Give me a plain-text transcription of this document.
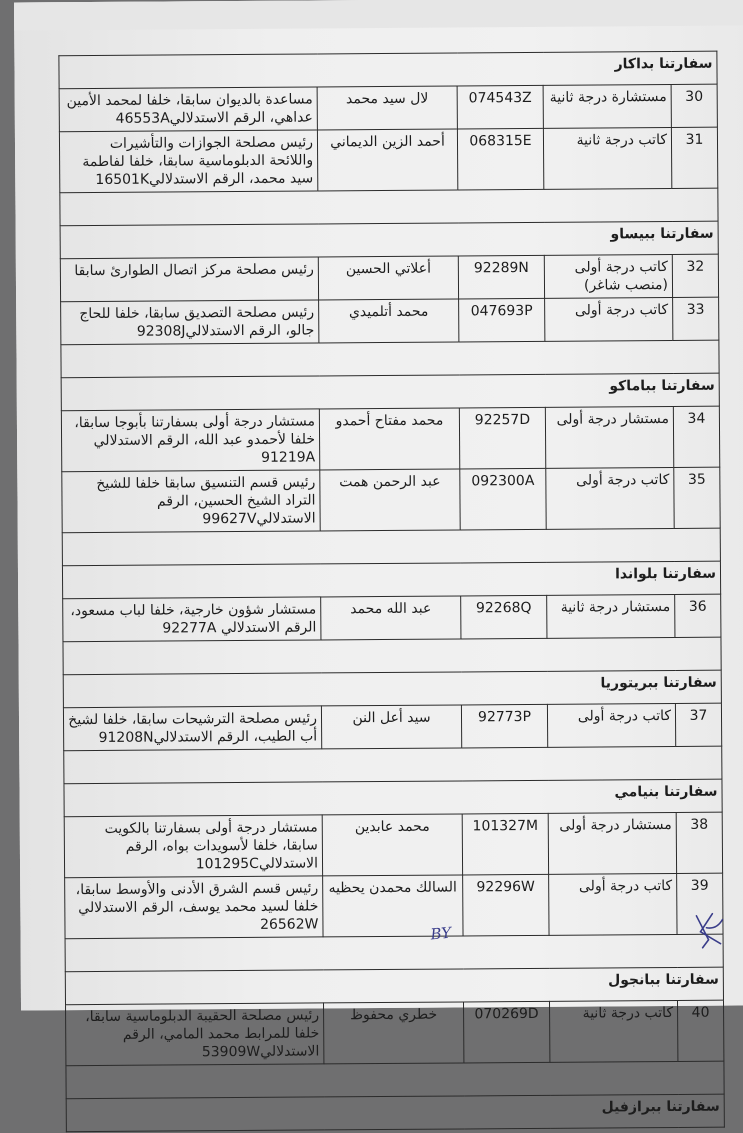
سفارتنا بداكار				
30	مستشارة درجة ثانية	074543Z	لال سيد محمد	مساعدة بالديوان سابقا، خلفا لمحمد الأمين عداهي، الرقم الاستدلالي46553A
31	كاتب درجة ثانية	068315E	أحمد الزين الديماني	رئيس مصلحة الجوازات والتأشيرات واللائحة الدبلوماسية سابقا، خلفا لفاطمة سيد محمد، الرقم الاستدلالي16501K

سفارتنا ببيساو				
32	كاتب درجة أولى (منصب شاغر)	92289N	أعلاتي الحسين	رئيس مصلحة مركز اتصال الطوارئ سابقا
33	كاتب درجة أولى	047693P	محمد أتلميدي	رئيس مصلحة التصديق سابقا، خلفا للحاج جالو، الرقم الاستدلالي92308J

سفارتنا بباماكو				
34	مستشار درجة أولى	92257D	محمد مفتاح أحمدو	مستشار درجة أولى بسفارتنا بأبوجا سابقا، خلفا لأحمدو عبد الله، الرقم الاستدلالي 91219A
35	كاتب درجة أولى	092300A	عبد الرحمن همت	رئيس قسم التنسيق سابقا خلفا للشيخ التراد الشيخ الحسين، الرقم الاستدلالي99627V

سفارتنا بلواندا				
36	مستشار درجة ثانية	92268Q	عبد الله محمد	مستشار شؤون خارجية، خلفا لباب مسعود، الرقم الاستدلالي 92277A

سفارتنا ببريتوريا				
37	كاتب درجة أولى	92773P	سيد أعل النن	رئيس مصلحة الترشيحات سابقا، خلفا لشيخ أب الطيب، الرقم الاستدلالي91208N

سفارتنا بنيامي				
38	مستشار درجة أولى	101327M	محمد عابدين	مستشار درجة أولى بسفارتنا بالكويت سابقا، خلفا لأسويدات بواه، الرقم الاستدلالي101295C
39	كاتب درجة أولى	92296W	السالك محمدن يحظيه	رئيس قسم الشرق الأدنى والأوسط سابقا، خلفا لسيد محمد يوسف، الرقم الاستدلالي 26562W

سفارتنا ببانجول				
40	كاتب درجة ثانية	070269D	خطري محفوظ	رئيس مصلحة الحقيبة الدبلوماسية سابقا، خلفا للمرابط محمد المامي، الرقم الاستدلالي53909W

سفارتنا ببرازفيل				
BY
